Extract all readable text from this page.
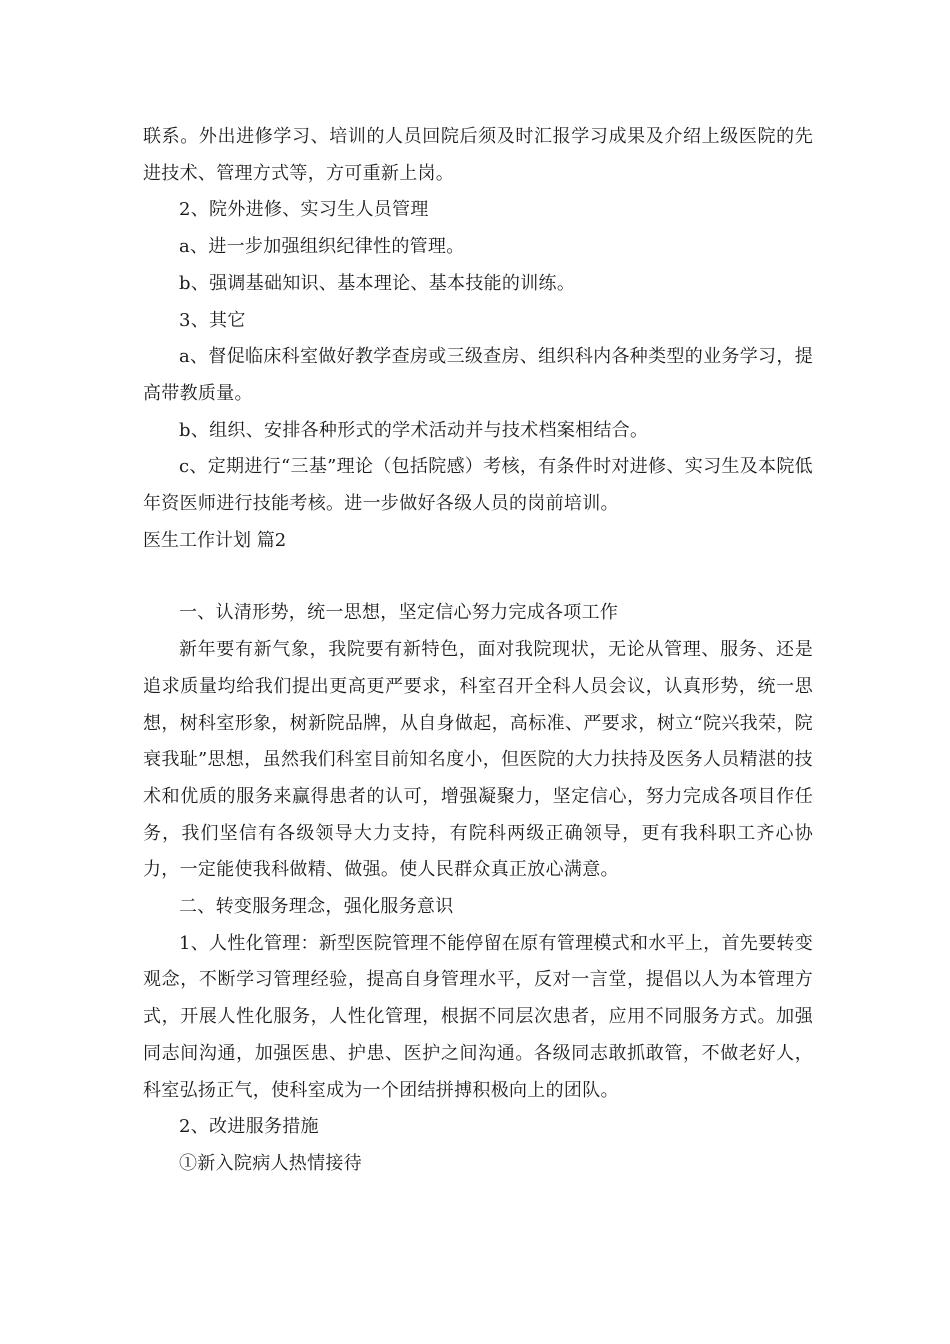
联系。外出进修学习、培训的人员回院后须及时汇报学习成果及介绍上级医院的先进技术、管理方式等，方可重新上岗。

2、院外进修、实习生人员管理

a、进一步加强组织纪律性的管理。

b、强调基础知识、基本理论、基本技能的训练。

3、其它

a、督促临床科室做好教学查房或三级查房、组织科内各种类型的业务学习，提高带教质量。

b、组织、安排各种形式的学术活动并与技术档案相结合。

c、定期进行“三基”理论（包括院感）考核，有条件时对进修、实习生及本院低年资医师进行技能考核。进一步做好各级人员的岗前培训。

医生工作计划 篇2

一、认清形势，统一思想，坚定信心努力完成各项工作

新年要有新气象，我院要有新特色，面对我院现状，无论从管理、服务、还是追求质量均给我们提出更高更严要求，科室召开全科人员会议，认真形势，统一思想，树科室形象，树新院品牌，从自身做起，高标准、严要求，树立“院兴我荣，院衰我耻”思想，虽然我们科室目前知名度小，但医院的大力扶持及医务人员精湛的技术和优质的服务来赢得患者的认可，增强凝聚力，坚定信心，努力完成各项目作任务，我们坚信有各级领导大力支持，有院科两级正确领导，更有我科职工齐心协力，一定能使我科做精、做强。使人民群众真正放心满意。

二、转变服务理念，强化服务意识

1、人性化管理：新型医院管理不能停留在原有管理模式和水平上，首先要转变观念，不断学习管理经验，提高自身管理水平，反对一言堂，提倡以人为本管理方式，开展人性化服务，人性化管理，根据不同层次患者，应用不同服务方式。加强同志间沟通，加强医患、护患、医护之间沟通。各级同志敢抓敢管，不做老好人，科室弘扬正气，使科室成为一个团结拼搏积极向上的团队。

2、改进服务措施

①新入院病人热情接待
